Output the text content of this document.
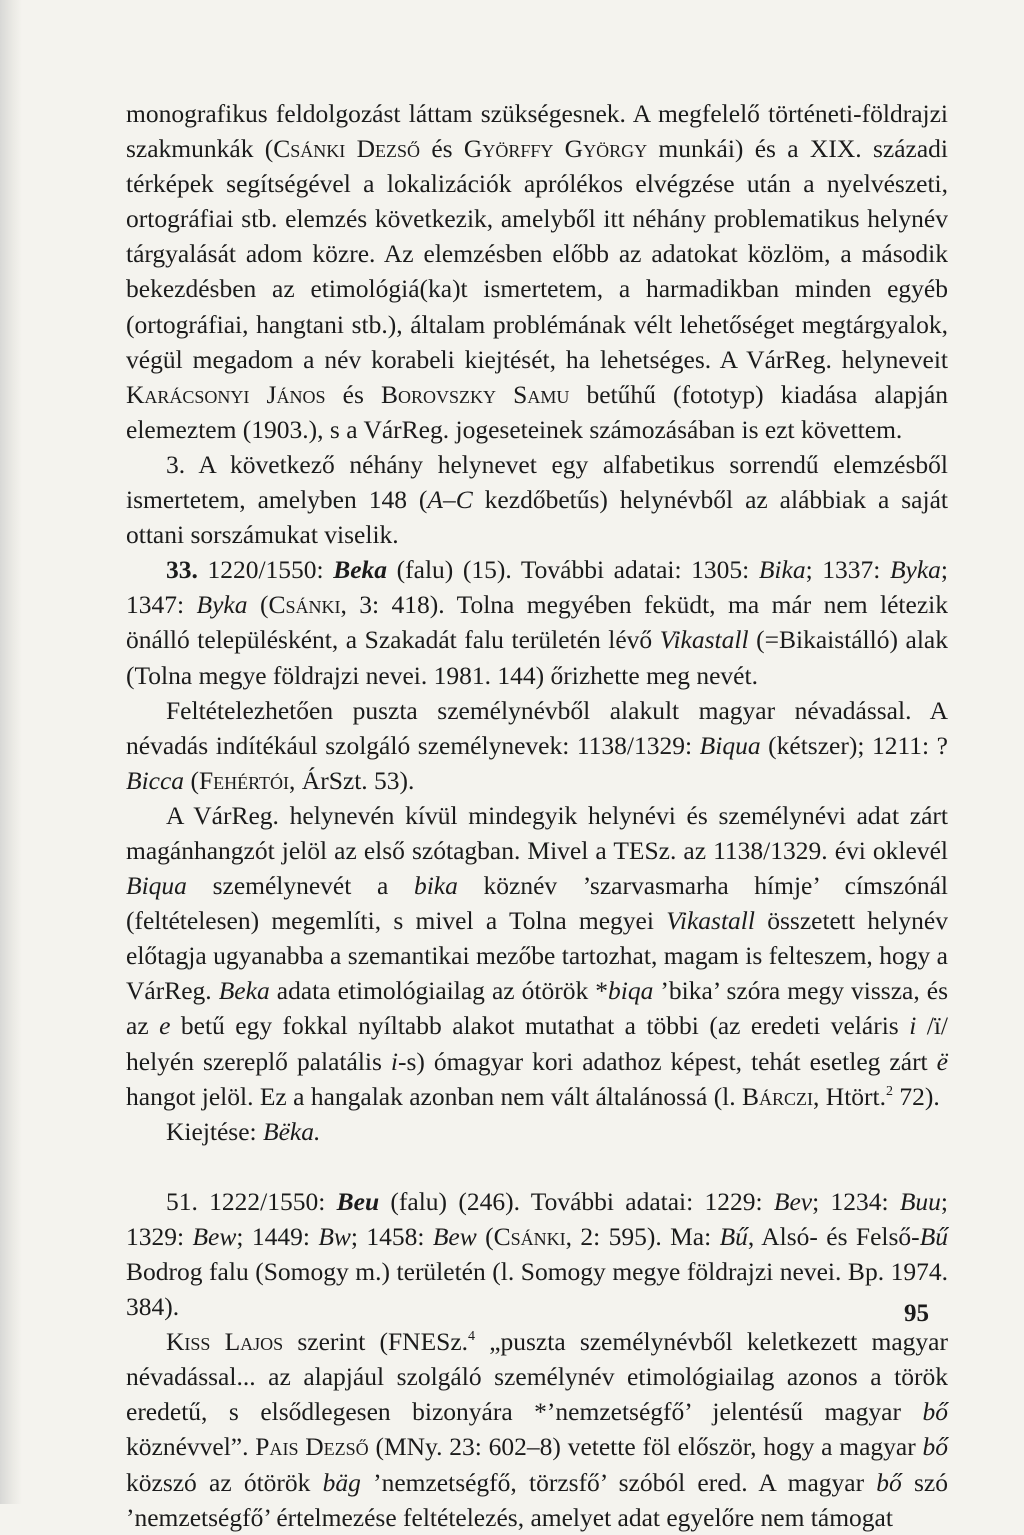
monografikus feldolgozást láttam szükségesnek. A megfelelő történeti-földrajzi szakmunkák (Csánki Dezső és Györffy György munkái) és a XIX. századi térképek segítségével a lokalizációk aprólékos elvégzése után a nyelvészeti, ortográfiai stb. elemzés következik, amelyből itt néhány problematikus helynév tárgyalását adom közre. Az elemzésben előbb az adatokat közlöm, a második bekezdésben az etimológiá(ka)t ismertetem, a harmadikban minden egyéb (ortográfiai, hangtani stb.), általam problémának vélt lehetőséget megtárgyalok, végül megadom a név korabeli kiejtését, ha lehetséges. A VárReg. helyneveit Karácsonyi János és Borovszky Samu betűhű (fototyp) kiadása alapján elemeztem (1903.), s a VárReg. jogeseteinek számozásában is ezt követtem.

3. A következő néhány helynevet egy alfabetikus sorrendű elemzésből ismertetem, amelyben 148 (A–C kezdőbetűs) helynévből az alábbiak a saját ottani sorszámukat viselik.

33. 1220/1550: Beka (falu) (15). További adatai: 1305: Bika; 1337: Byka; 1347: Byka (Csánki, 3: 418). Tolna megyében feküdt, ma már nem létezik önálló településként, a Szakadát falu területén lévő Vikastall (=Bikaistálló) alak (Tolna megye földrajzi nevei. 1981. 144) őrizhette meg nevét.

Feltételezhetően puszta személynévből alakult magyar névadással. A névadás indítékául szolgáló személynevek: 1138/1329: Biqua (kétszer); 1211: ? Bicca (Fehértói, ÁrSzt. 53).

A VárReg. helynevén kívül mindegyik helynévi és személynévi adat zárt magánhangzót jelöl az első szótagban. Mivel a TESz. az 1138/1329. évi oklevél Biqua személynevét a bika köznév ’szarvasmarha hímje’ címszónál (feltételesen) megemlíti, s mivel a Tolna megyei Vikastall összetett helynév előtagja ugyanabba a szemantikai mezőbe tartozhat, magam is felteszem, hogy a VárReg. Beka adata etimológiailag az ótörök *biqa ’bika’ szóra megy vissza, és az e betű egy fokkal nyíltabb alakot mutathat a többi (az eredeti veláris i /ï/ helyén szereplő palatális i-s) ómagyar kori adathoz képest, tehát esetleg zárt ë hangot jelöl. Ez a hangalak azonban nem vált általánossá (l. Bárczi, Htört.$^2$ 72).

Kiejtése: Bëka.

51. 1222/1550: Beu (falu) (246). További adatai: 1229: Bev; 1234: Buu; 1329: Bew; 1449: Bw; 1458: Bew (Csánki, 2: 595). Ma: Bű, Alsó- és Felső-Bű Bodrog falu (Somogy m.) területén (l. Somogy megye földrajzi nevei. Bp. 1974. 384).

Kiss Lajos szerint (FNESz.$^4$ „puszta személynévből keletkezett magyar névadással... az alapjául szolgáló személynév etimológiailag azonos a török eredetű, s elsődlegesen bizonyára *’nemzetségfő’ jelentésű magyar bő köznévvel”. Pais Dezső (MNy. 23: 602–8) vetette föl először, hogy a magyar bő közszó az ótörök bäg ’nemzetségfő, törzsfő’ szóból ered. A magyar bő szó ’nemzetségfő’ értelmezése feltételezés, amelyet adat egyelőre nem támogat

95
